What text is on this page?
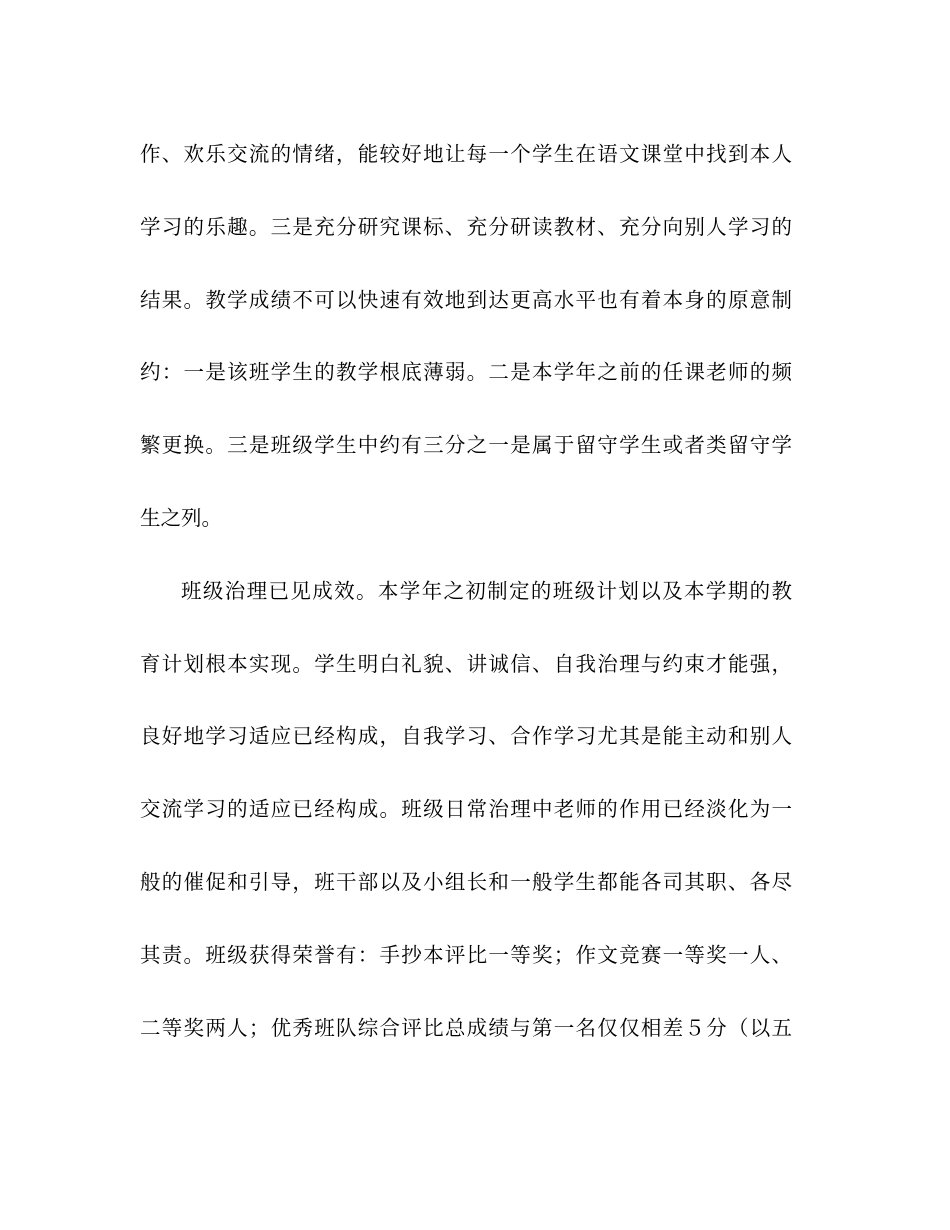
作、欢乐交流的情绪，能较好地让每一个学生在语文课堂中找到本人
学习的乐趣。三是充分研究课标、充分研读教材、充分向别人学习的
结果。教学成绩不可以快速有效地到达更高水平也有着本身的原意制
约：一是该班学生的教学根底薄弱。二是本学年之前的任课老师的频
繁更换。三是班级学生中约有三分之一是属于留守学生或者类留守学
生之列。
班级治理已见成效。本学年之初制定的班级计划以及本学期的教
育计划根本实现。学生明白礼貌、讲诚信、自我治理与约束才能强，
良好地学习适应已经构成，自我学习、合作学习尤其是能主动和别人
交流学习的适应已经构成。班级日常治理中老师的作用已经淡化为一
般的催促和引导，班干部以及小组长和一般学生都能各司其职、各尽
其责。班级获得荣誉有：手抄本评比一等奖；作文竞赛一等奖一人、
二等奖两人；优秀班队综合评比总成绩与第一名仅仅相差５分（以五
